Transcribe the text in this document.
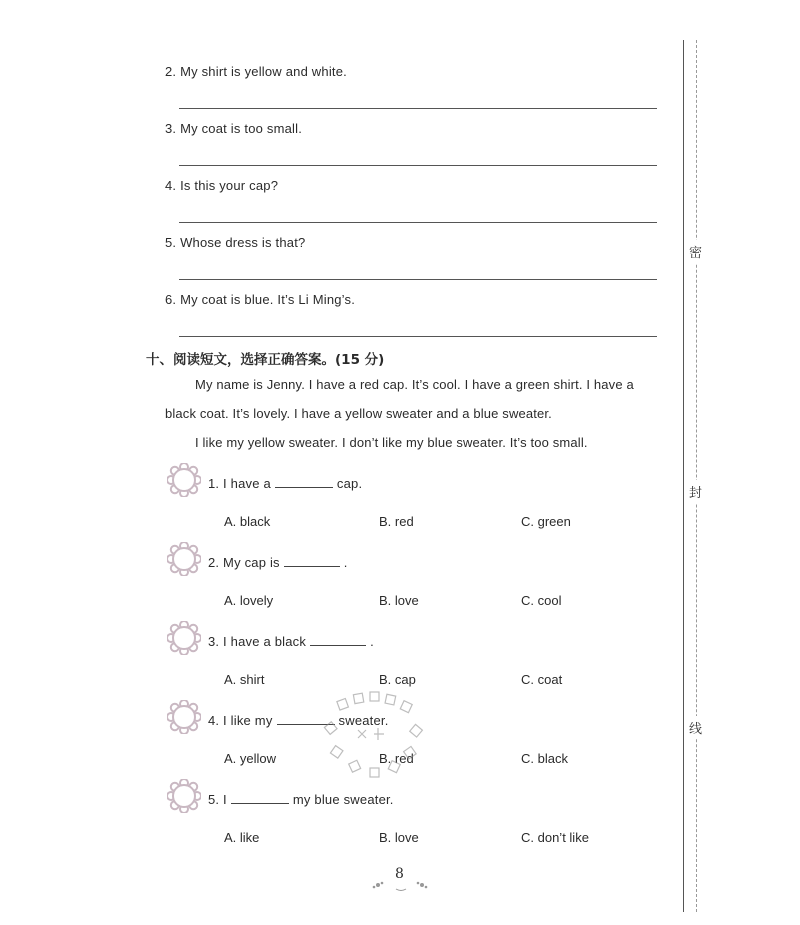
密
封
线
2. My shirt is yellow and white.
3. My coat is too small.
4. Is this your cap?
5. Whose dress is that?
6. My coat is blue. It’s Li Ming’s.
十、阅读短文，选择正确答案。(15 分)
My name is Jenny. I have a red cap. It’s cool. I have a green shirt. I have a
black coat. It’s lovely. I have a yellow sweater and a blue sweater.
I like my yellow sweater. I don’t like my blue sweater. It’s too small.
1. I have a	cap.
A. black	B. red	C. green
2. My cap is	.
A. lovely	B. love	C. cool
3. I have a black	.
A. shirt	B. cap	C. coat
4. I like my	sweater.
A. yellow	B. red	C. black
5. I	my blue sweater.
A. like	B. love	C. don’t like
8
